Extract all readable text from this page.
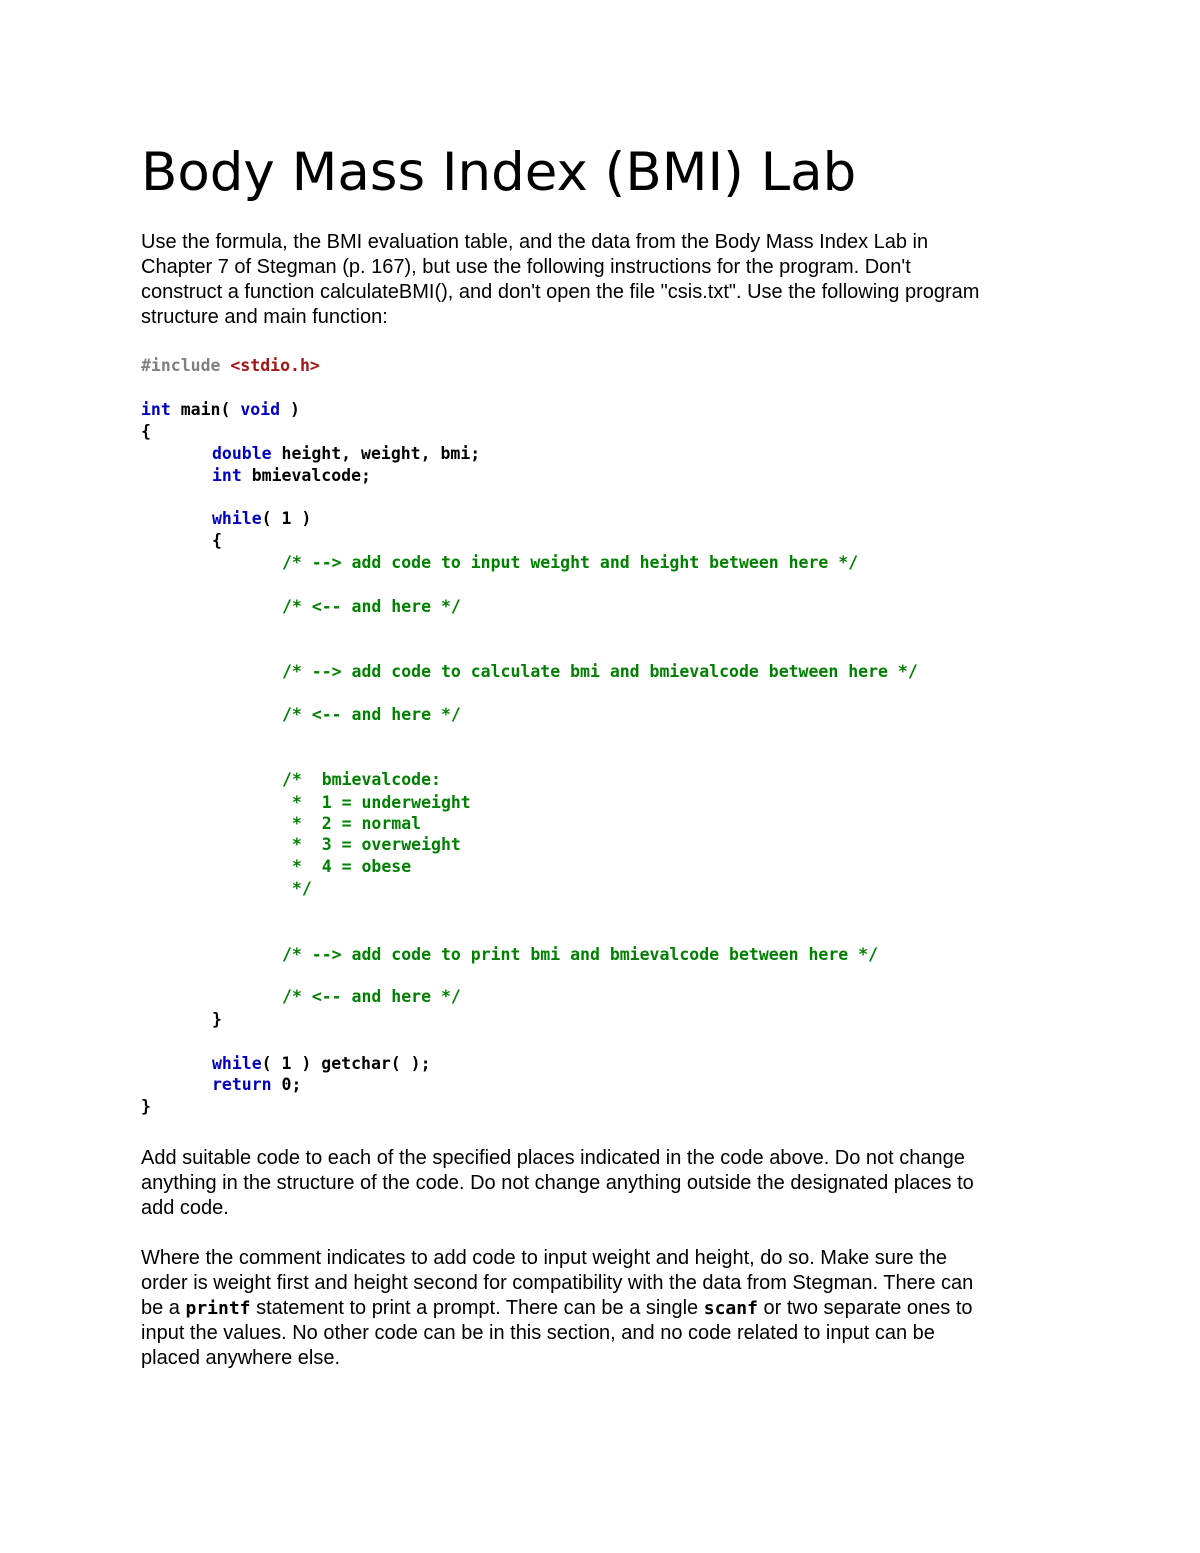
Body Mass Index (BMI) Lab

Use the formula, the BMI evaluation table, and the data from the Body Mass Index Lab in
Chapter 7 of Stegman (p. 167), but use the following instructions for the program. Don't
construct a function calculateBMI(), and don't open the file "csis.txt". Use the following program
structure and main function:

#include <stdio.h>
int main( void )
{
double height, weight, bmi;
int bmievalcode;
while( 1 )
{
/* --> add code to input weight and height between here */
/* <-- and here */
/* --> add code to calculate bmi and bmievalcode between here */
/* <-- and here */
/*  bmievalcode:
*  1 = underweight
*  2 = normal
*  3 = overweight
*  4 = obese
*/
/* --> add code to print bmi and bmievalcode between here */
/* <-- and here */
}
while( 1 ) getchar( );
return 0;
}

Add suitable code to each of the specified places indicated in the code above. Do not change
anything in the structure of the code. Do not change anything outside the designated places to
add code.

Where the comment indicates to add code to input weight and height, do so. Make sure the
order is weight first and height second for compatibility with the data from Stegman. There can
be a printf statement to print a prompt. There can be a single scanf or two separate ones to
input the values. No other code can be in this section, and no code related to input can be
placed anywhere else.
